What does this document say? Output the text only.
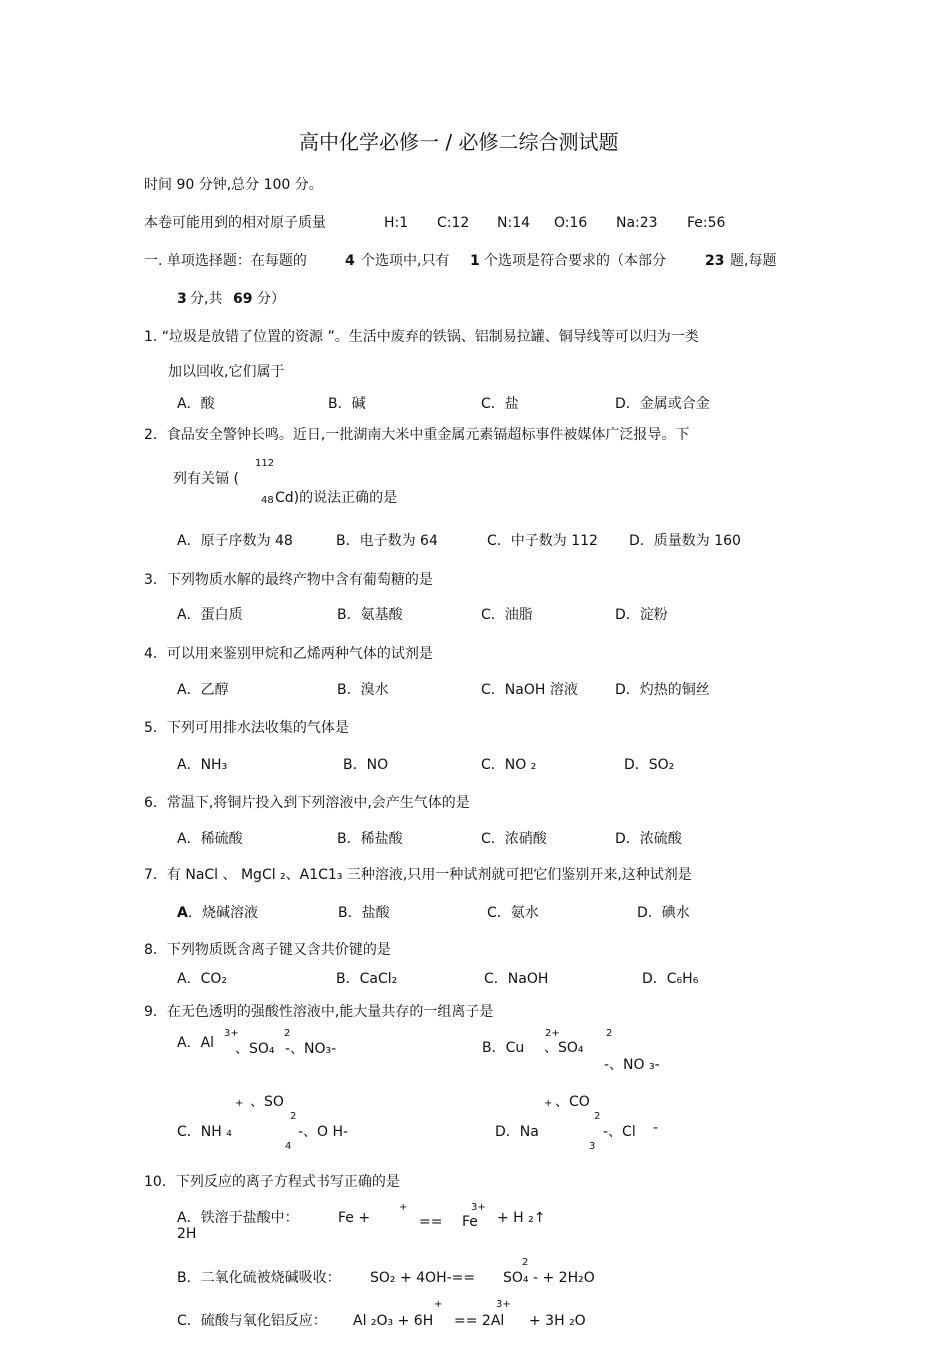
高中化学必修一 / 必修二综合测试题
时间 90 分钟,总分 100 分。
本卷可能用到的相对原子质量	H:1 C:12 N:14 O:16 Na:23 Fe:56
一. 单项选择题：在每题的	4 个选项中,只有 1 个选项是符合要求的（本部分	23 题,每题
3 分,共 69 分）
1. “垃圾是放错了位置的资源 ”。生活中废弃的铁锅、铝制易拉罐、铜导线等可以归为一类
加以回收,它们属于
A．酸	B．碱	C．盐	D．金属或合金
2．食品安全警钟长鸣。近日,一批湖南大米中重金属元素镉超标事件被媒体广泛报导。下
列有关镉 (
112
48 Cd)的说法正确的是
A．原子序数为 48	B．电子数为 64	C．中子数为 112 D．质量数为 160
3．下列物质水解的最终产物中含有葡萄糖的是
A．蛋白质	B．氨基酸	C．油脂	D．淀粉
4．可以用来鉴别甲烷和乙烯两种气体的试剂是
A．乙醇	B．溴水	C．NaOH 溶液	D．灼热的铜丝
5．下列可用排水法收集的气体是
A．NH₃	B．NO	C．NO ₂	D．SO₂
6．常温下,将铜片投入到下列溶液中,会产生气体的是
A．稀硫酸	B．稀盐酸	C．浓硝酸	D．浓硫酸
7．有 NaCl 、 MgCl ₂、A1C1₃ 三种溶液,只用一种试剂就可把它们鉴别开来,这种试剂是
A ．烧碱溶液	B．盐酸	C．氨水	D．碘水
8．下列物质既含离子键又含共价键的是
A．CO₂	B．CaCl₂	C．NaOH	D．C₆H₆
9．在无色透明的强酸性溶液中,能大量共存的一组离子是
A．Al
3+
、SO₄
2
-、NO₃-	B．Cu
2+
、SO₄
2
-、NO ₃-
+ 、SO
2
C．NH ₄
4
-、O H-
+ 、CO
2
D．Na
3
-、Cl -
10．下列反应的离子方程式书写正确的是
A．铁溶于盐酸中：	Fe +
+
== Fe
3+
+ H ₂↑
2H
B．二氧化硫被烧碱吸收： SO₂ + 4OH-== SO₄
2
- + 2H₂O
C．硫酸与氧化铝反应： Al ₂O₃ + 6H
+
== 2Al
3+
+ 3H ₂O
